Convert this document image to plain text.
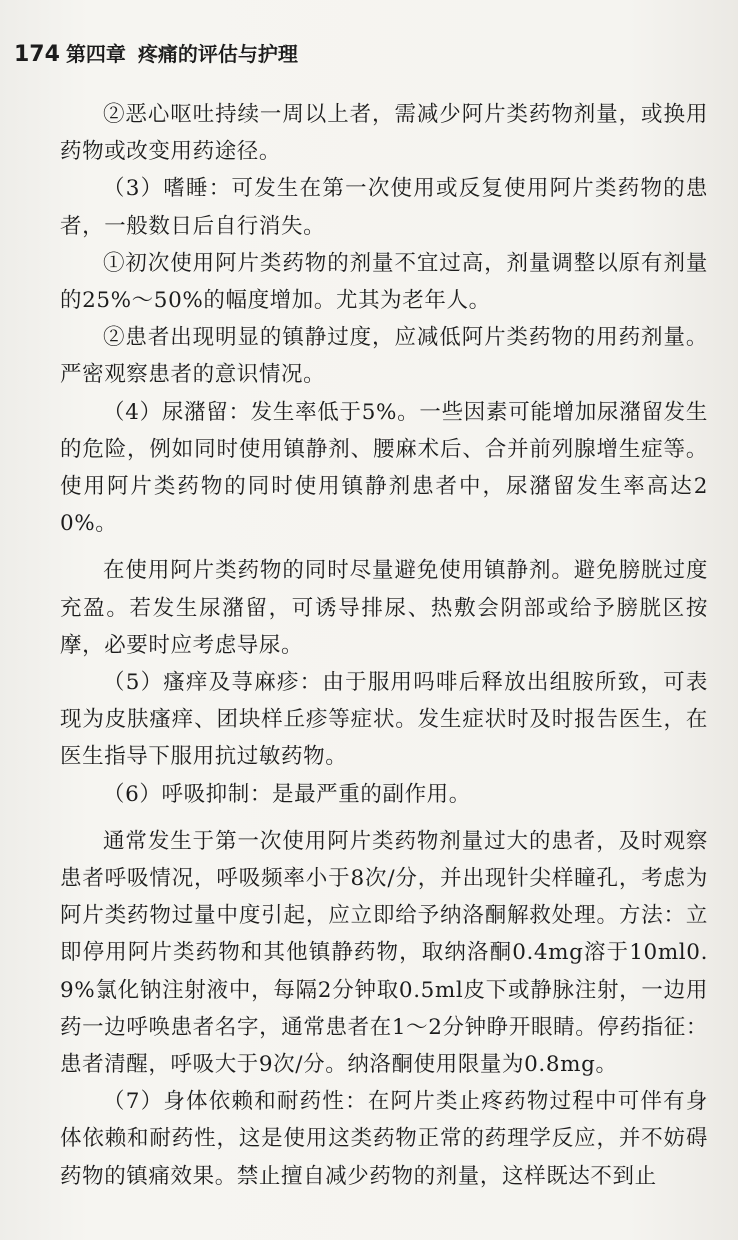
174 第四章 疼痛的评估与护理

②恶心呕吐持续一周以上者，需减少阿片类药物剂量，或换用药物或改变用药途径。

（3）嗜睡：可发生在第一次使用或反复使用阿片类药物的患者，一般数日后自行消失。

①初次使用阿片类药物的剂量不宜过高，剂量调整以原有剂量的25%～50%的幅度增加。尤其为老年人。

②患者出现明显的镇静过度，应减低阿片类药物的用药剂量。严密观察患者的意识情况。

（4）尿潴留：发生率低于5%。一些因素可能增加尿潴留发生的危险，例如同时使用镇静剂、腰麻术后、合并前列腺增生症等。使用阿片类药物的同时使用镇静剂患者中，尿潴留发生率高达20%。

在使用阿片类药物的同时尽量避免使用镇静剂。避免膀胱过度充盈。若发生尿潴留，可诱导排尿、热敷会阴部或给予膀胱区按摩，必要时应考虑导尿。

（5）瘙痒及荨麻疹：由于服用吗啡后释放出组胺所致，可表现为皮肤瘙痒、团块样丘疹等症状。发生症状时及时报告医生，在医生指导下服用抗过敏药物。

（6）呼吸抑制：是最严重的副作用。

通常发生于第一次使用阿片类药物剂量过大的患者，及时观察患者呼吸情况，呼吸频率小于8次/分，并出现针尖样瞳孔，考虑为阿片类药物过量中度引起，应立即给予纳洛酮解救处理。方法：立即停用阿片类药物和其他镇静药物，取纳洛酮0.4mg溶于10ml0.9%氯化钠注射液中，每隔2分钟取0.5ml皮下或静脉注射，一边用药一边呼唤患者名字，通常患者在1～2分钟睁开眼睛。停药指征：患者清醒，呼吸大于9次/分。纳洛酮使用限量为0.8mg。

（7）身体依赖和耐药性：在阿片类止疼药物过程中可伴有身体依赖和耐药性，这是使用这类药物正常的药理学反应，并不妨碍药物的镇痛效果。禁止擅自减少药物的剂量，这样既达不到止
